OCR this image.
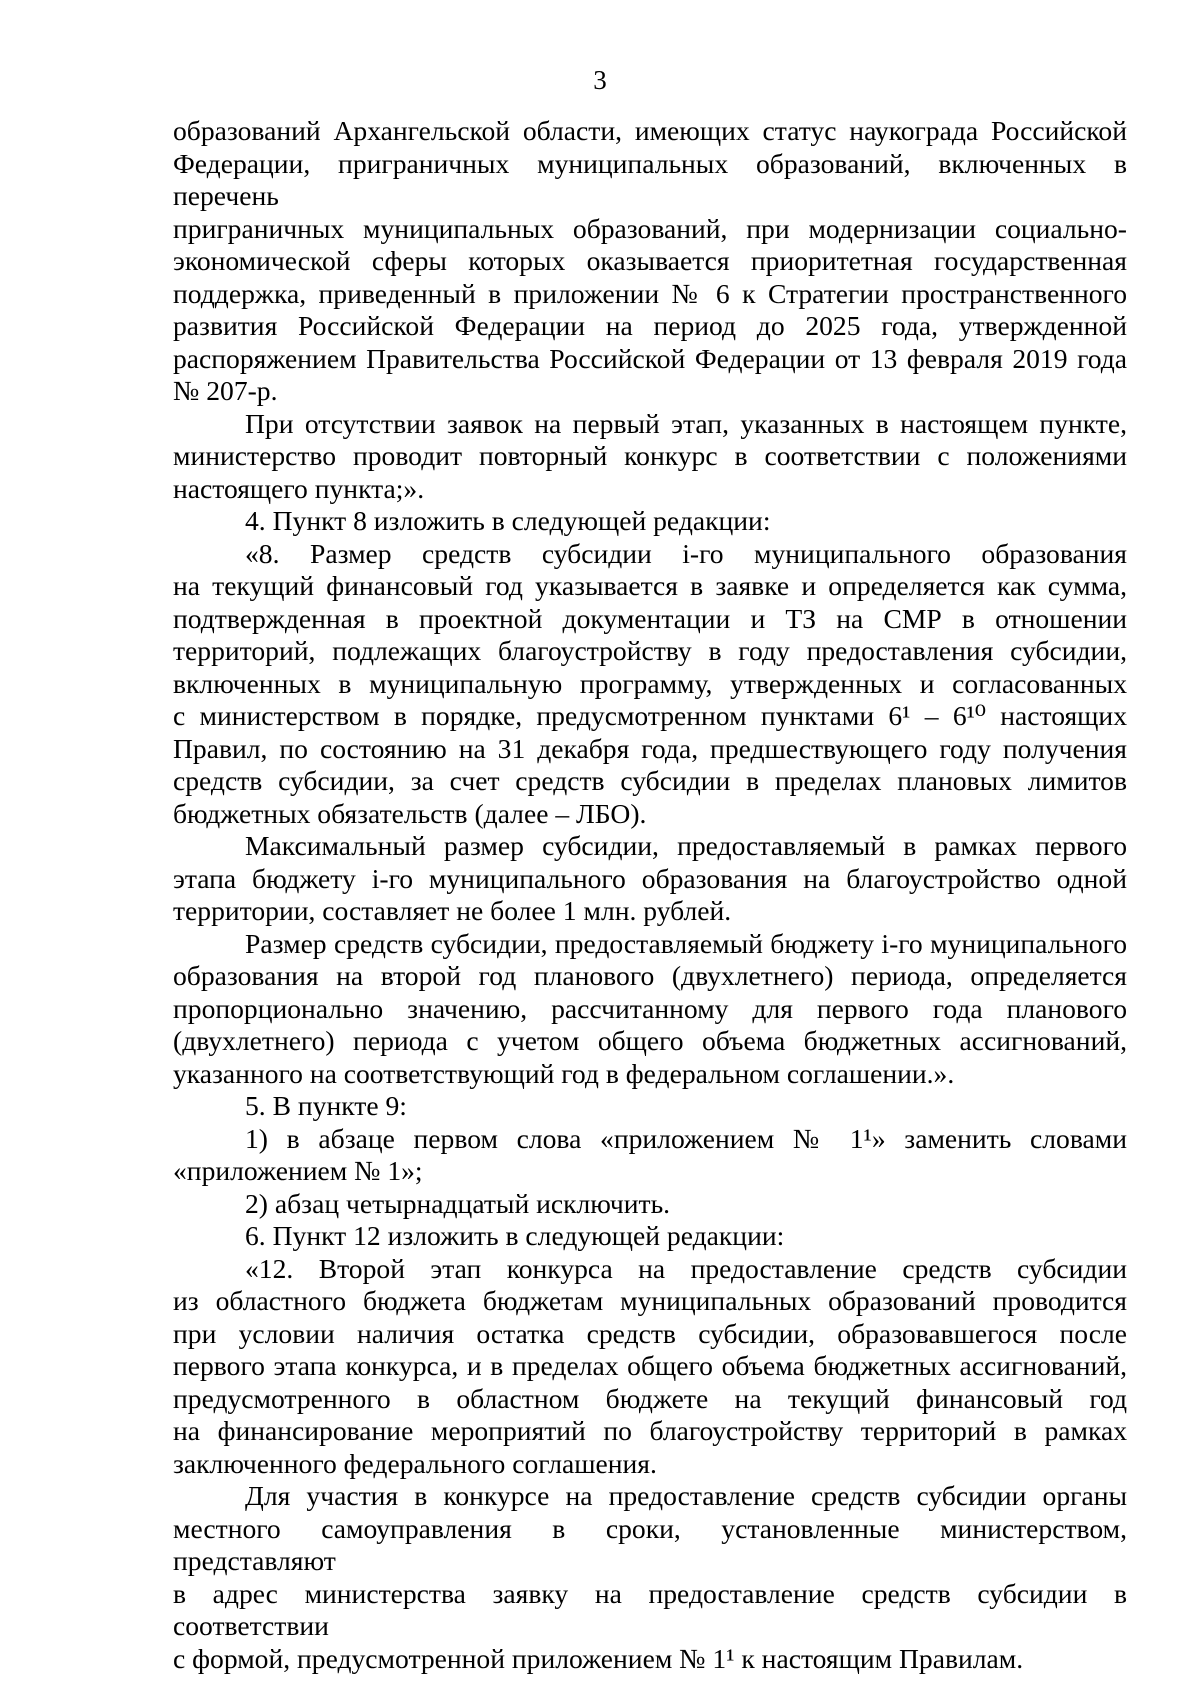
3
образований Архангельской области, имеющих статус наукограда Российской
Федерации, приграничных муниципальных образований, включенных в перечень
приграничных муниципальных образований, при модернизации социально-
экономической сферы которых оказывается приоритетная государственная
поддержка, приведенный в приложении № 6 к Стратегии пространственного
развития Российской Федерации на период до 2025 года, утвержденной
распоряжением Правительства Российской Федерации от 13 февраля 2019 года
№ 207-р.
При отсутствии заявок на первый этап, указанных в настоящем пункте,
министерство проводит повторный конкурс в соответствии с положениями
настоящего пункта;».
4. Пункт 8 изложить в следующей редакции:
«8. Размер средств субсидии i-го муниципального образования
на текущий финансовый год указывается в заявке и определяется как сумма,
подтвержденная в проектной документации и ТЗ на СМР в отношении
территорий, подлежащих благоустройству в году предоставления субсидии,
включенных в муниципальную программу, утвержденных и согласованных
с министерством в порядке, предусмотренном пунктами 6¹ – 6¹⁰ настоящих
Правил, по состоянию на 31 декабря года, предшествующего году получения
средств субсидии, за счет средств субсидии в пределах плановых лимитов
бюджетных обязательств (далее – ЛБО).
Максимальный размер субсидии, предоставляемый в рамках первого
этапа бюджету i-го муниципального образования на благоустройство одной
территории, составляет не более 1 млн. рублей.
Размер средств субсидии, предоставляемый бюджету i-го муниципального
образования на второй год планового (двухлетнего) периода, определяется
пропорционально значению, рассчитанному для первого года планового
(двухлетнего) периода с учетом общего объема бюджетных ассигнований,
указанного на соответствующий год в федеральном соглашении.».
5. В пункте 9:
1) в абзаце первом слова «приложением № 1¹» заменить словами
«приложением № 1»;
2) абзац четырнадцатый исключить.
6. Пункт 12 изложить в следующей редакции:
«12. Второй этап конкурса на предоставление средств субсидии
из областного бюджета бюджетам муниципальных образований проводится
при условии наличия остатка средств субсидии, образовавшегося после
первого этапа конкурса, и в пределах общего объема бюджетных ассигнований,
предусмотренного в областном бюджете на текущий финансовый год
на финансирование мероприятий по благоустройству территорий в рамках
заключенного федерального соглашения.
Для участия в конкурсе на предоставление средств субсидии органы
местного самоуправления в сроки, установленные министерством, представляют
в адрес министерства заявку на предоставление средств субсидии в соответствии
с формой, предусмотренной приложением № 1¹ к настоящим Правилам.
